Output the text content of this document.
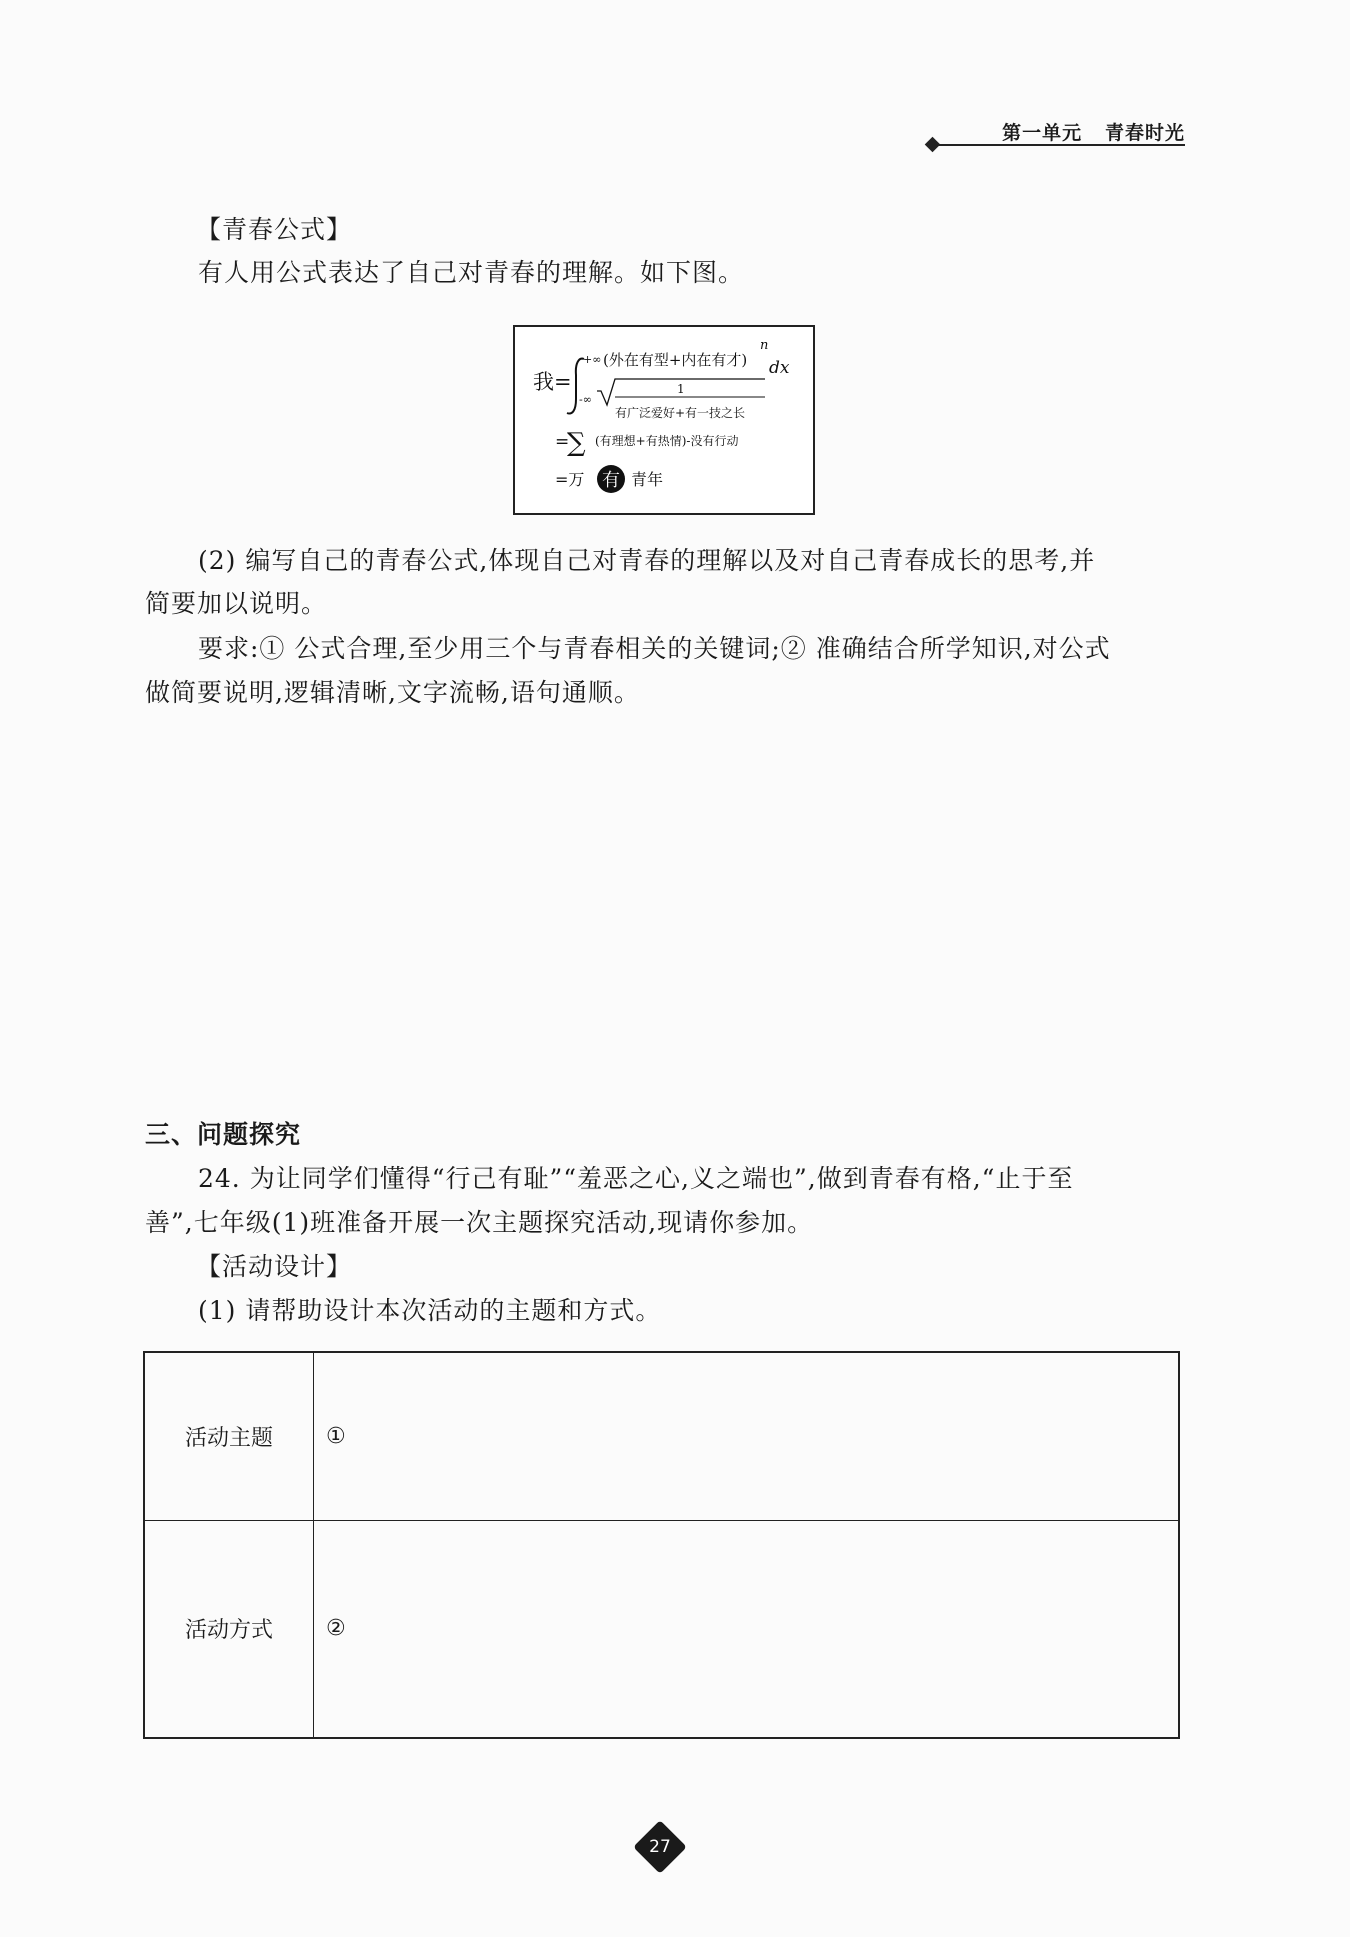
第一单元 青春时光
【青春公式】
有人用公式表达了自己对青春的理解。如下图。
我=
+∞
-∞
(外在有型+内在有才)
n
dx
1
有广泛爱好+有一技之长
=
∑ (有理想+有热情)-没有行动
=万 有 青年
(2) 编写自己的青春公式,体现自己对青春的理解以及对自己青春成长的思考,并
简要加以说明。
要求:① 公式合理,至少用三个与青春相关的关键词;② 准确结合所学知识,对公式
做简要说明,逻辑清晰,文字流畅,语句通顺。
三、问题探究
24. 为让同学们懂得“行己有耻”“羞恶之心,义之端也”,做到青春有格,“止于至
善”,七年级(1)班准备开展一次主题探究活动,现请你参加。
【活动设计】
(1) 请帮助设计本次活动的主题和方式。
活动主题	①
活动方式	②
27
